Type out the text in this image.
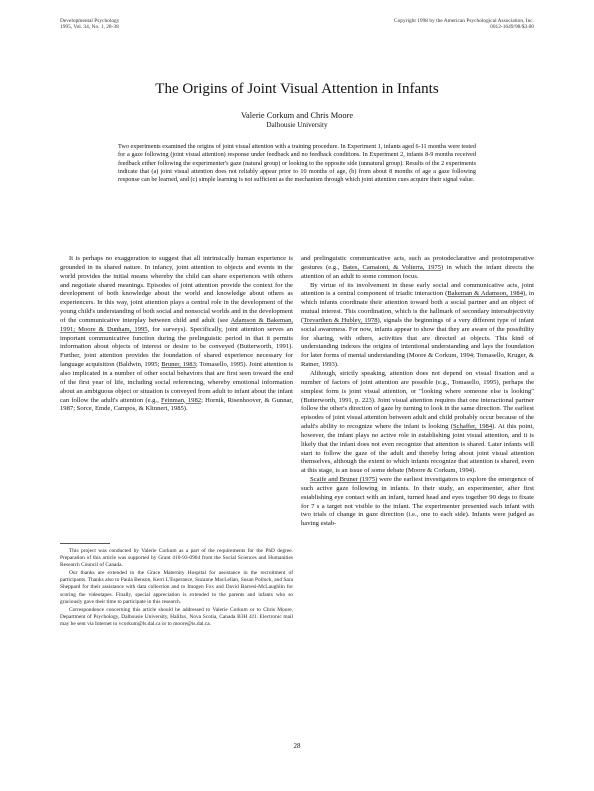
Developmental Psychology
1995, Vol. 34, No. 1, 28-38
Copyright 1998 by the American Psychological Association, Inc.
0012-1649/98/$3.00
The Origins of Joint Visual Attention in Infants
Valerie Corkum and Chris Moore
Dalhousie University
Two experiments examined the origins of joint visual attention with a training procedure. In Experiment 1, infants aged 6-11 months were tested for a gaze following (joint visual attention) response under feedback and no feedback conditions. In Experiment 2, infants 8-9 months received feedback either following the experimenter's gaze (natural group) or looking to the opposite side (unnatural group). Results of the 2 experiments indicate that (a) joint visual attention does not reliably appear prior to 10 months of age, (b) from about 8 months of age a gaze following response can be learned, and (c) simple learning is not sufficient as the mechanism through which joint attention cues acquire their signal value.

It is perhaps no exaggeration to suggest that all intrinsically human experience is grounded in its shared nature. In infancy, joint attention to objects and events in the world provides the initial means whereby the child can share experiences with others and negotiate shared meanings. Episodes of joint attention provide the context for the development of both knowledge about the world and knowledge about others as experiencers. In this way, joint attention plays a central role in the development of the young child's understanding of both social and nonsocial worlds and in the development of the communicative interplay between child and adult (see Adamson & Bakeman, 1991; Moore & Dunham, 1995, for surveys). Specifically, joint attention serves an important communicative function during the prelinguistic period in that it permits information about objects of interest or desire to be conveyed (Butterworth, 1991). Further, joint attention provides the foundation of shared experience necessary for language acquisition (Baldwin, 1995; Bruner, 1983; Tomasello, 1995). Joint attention is also implicated in a number of other social behaviors that are first seen toward the end of the first year of life, including social referencing, whereby emotional information about an ambiguous object or situation is conveyed from adult to infant about the infant can follow the adult's attention (e.g., Feinman, 1982; Hornik, Risenhoover, & Gunnar, 1987; Sorce, Emde, Campos, & Klinnert, 1985).

This project was conducted by Valerie Corkum as a part of the requirements for the PhD degree. Preparation of this article was supported by Grant 410-93-0904 from the Social Sciences and Humanities Research Council of Canada.

Our thanks are extended to the Grace Maternity Hospital for assistance in the recruitment of participants. Thanks also to Paula Benson, Kerri L'Esperance, Suzanne MacLellan, Susan Pollock, and Sara Sheppard for their assistance with data collection and to Imogen Fox and David Barresi-McLaughlin for scoring the videotapes. Finally, special appreciation is extended to the parents and infants who so graciously gave their time to participate in this research.

Correspondence concerning this article should be addressed to Valerie Corkum or to Chris Moore, Department of Psychology, Dalhousie University, Halifax, Nova Scotia, Canada B3H 4J1. Electronic mail may be sent via Internet to vcorkum@ls.dal.ca or to moore@is.dal.ca.

and prelinguistic communicative acts, such as protodeclarative and protoimperative gestures (e.g., Bates, Camaioni, & Volterra, 1975) in which the infant directs the attention of an adult to some common focus.

By virtue of its involvement in these early social and communicative acts, joint attention is a central component of triadic interaction (Bakeman & Adamson, 1984), in which infants coordinate their attention toward both a social partner and an object of mutual interest. This coordination, which is the hallmark of secondary intersubjectivity (Trevarthen & Hubley, 1978), signals the beginnings of a very different type of infant social awareness. For now, infants appear to show that they are aware of the possibility for sharing, with others, activities that are directed at objects. This kind of understanding indexes the origins of intentional understanding and lays the foundation for later forms of mental understanding (Moore & Corkum, 1994; Tomasello, Kruger, & Ratner, 1993).

Although, strictly speaking, attention does not depend on visual fixation and a number of factors of joint attention are possible (e.g., Tomasello, 1995), perhaps the simplest form is joint visual attention, or "looking where someone else is looking" (Butterworth, 1991, p. 223). Joint visual attention requires that one interactional partner follow the other's direction of gaze by turning to look in the same direction. The earliest episodes of joint visual attention between adult and child probably occur because of the adult's ability to recognize where the infant is looking (Schaffer, 1984). At this point, however, the infant plays no active role in establishing joint visual attention, and it is likely that the infant does not even recognize that attention is shared. Later infants will start to follow the gaze of the adult and thereby bring about joint visual attention themselves, although the extent to which infants recognize that attention is shared, even at this stage, is an issue of some debate (Moore & Corkum, 1994).

Scaife and Bruner (1975) were the earliest investigators to explore the emergence of such active gaze following in infants. In their study, an experimenter, after first establishing eye contact with an infant, turned head and eyes together 90 degs to fixate for 7 s a target not visible to the infant. The experimenter presented each infant with two trials of change in gaze direction (i.e., one to each side). Infants were judged as having estab-

28
